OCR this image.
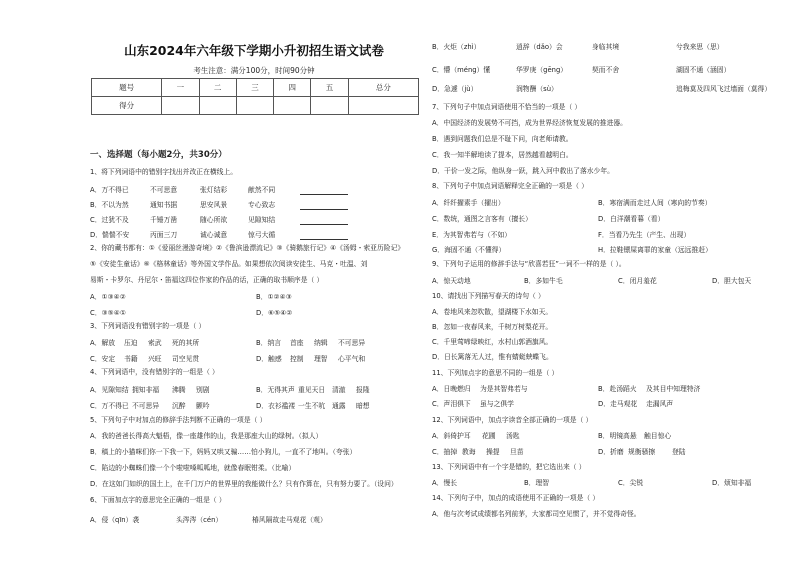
山东2024年六年级下学期小升初招生语文试卷
考生注意：满分100分，时间90分钟
题号	一	二	三	四	五	总分
得分						
一、选择题（每小题2分，共30分）
1、将下列词语中的错别字找出并改正在横线上。
2、你的藏书都有：①《爱丽丝漫游奇境》②《鲁滨逊漂流记》③《骑鹅旅行记》④《汤姆・索亚历险记》
⑤《安徒生童话》⑥《格林童话》等外国文学作品。如果想依次阅读安徒生、马克・吐温、刘
易斯・卡罗尔、丹尼尔・笛福这四位作家的作品的话，正确的取书顺序是（ ）
3、下列词语没有错别字的一项是（ ）
4、下列词语中，没有错别字的一组是（ ）
5、下列句子中对加点的修辞手法判断不正确的一项是（ ）
A．我的爸爸长得高大魁梧，像一座雄伟的山，我是那座大山的绿树。（拟人）
B．稿上的小猫咪们你一下我一下，妈妈又哄又骗……怕小狗儿，一直不了地叫。（夸张）
C．陷边的小蜘蛛们像一个个啦啦嗓呱呱地，就像春眠钳柔。（比喻）
D．在这如门如织的国土上，在千门万户的世界里的我能做什么？只有作算在，只有努力要了。（设问）
6、下面加点字的意思完全正确的一组是（ ）
A．万不得已	不可思意	张灯结彩	献然不同
B．不以为然	通知书据	思安风景	专心致志
C．过犹不及	千锤万凿	随心所欲	见隙知结
D．惴惴不安	丙面三刀	诚心诚意	惊弓大循
A．①③④②	B．①②④③
C．③⑤④①	D．⑥⑤④②
A．解放 压迫 索武 死的其所	B．纳言 首座 纳辑 不可思异
C．安定 书籍 兴旺 司空见贯	D．触感 控制 理智 心平气和
A．见隙知结 拥知非福 沸腾 别剧	B．无得其声 重见天日 清澈 报隆
C．万不得已 不可思异 沉醉 颤吟	D．衣衫褴褛 一生不吭 通露 暗想
A．侵（qīn）袭	头涔涔（cén）	椿风隔故走马观花（观）
B．火炬（zhì）	逍辞（dǎo）会	身临其境	兮我来思（思）
C．懵（méng）懂	华罗庚（gēng）	契而不舍	湖固不通（涵固）
D．急遽（jù）	润物酬（sù）	追梅莫及四风飞过墙面（莫得）
7、下列句子中加点词语使用不恰当的一项是（ ）
A．中国经济的发展势不可挡，成为世界经济恢复发展的推进器。
B．遇到问题我们总是不耻下问，向老师请教。
C．我一知半解地读了提本，居然越看越明白。
D．干价一发之际，他纵身一跃，跳入河中救出了落水少年。
8、下列句子中加点词语解释完全正确的一项是（ ）
9、下列句子运用的修辞手法与“欣喜若狂”一词不一样的是（ ）。
10、请找出下列描写春天的诗句（ ）
A．卷地风来忽吹散，望湖楼下水如天。
B．忽如一夜春风来，千树万树梨花开。
C．千里莺啼绿映红，水村山郭酒旗风。
D．日长篱落无人过，惟有蜻蜓蛱蝶飞。
11、下列加点字的意思不同的一组是（ ）
12、下列词语中，加点字读音全部正确的一项是（ ）
13、下列词语中有一个字是错的，把它选出来（ ）
14、下列句子中，加点的成语使用不正确的一项是（ ）
A．他与次考试成绩都名列前茅，大家都司空见惯了，并不觉得奇怪。
A．纤纤擢素手（擢出）	B．寒宿满而走过人间（寒向的节奏）
C．数统，通图之言客有（擅长）	D．白洋潮看暮（看）
E．为其智弗若与（不如）	F．当看乃先生（产生、出现）
G．海固不通（不懂得）	H．拉鞋镖屎离罪的家童（远远推赶）
A．惊天动地	B．多如牛毛	C．闭月羞花	D．胆大包天
A．日晚燃归 为是其智弗若与	B．赴汤蹈火 及其目中知理特济
C．声泪俱下 虽与之俱学	D．走马观花 走漏风声
A．斜倚护耳 花圃 汤匙	B．明镜高悬 触目惊心
C．抽掉 教诲 操提 旦苗	D．折磨 规衡骚擦 登陆
A．慢长	B．理智	C．尖锐	D．烦知非福
